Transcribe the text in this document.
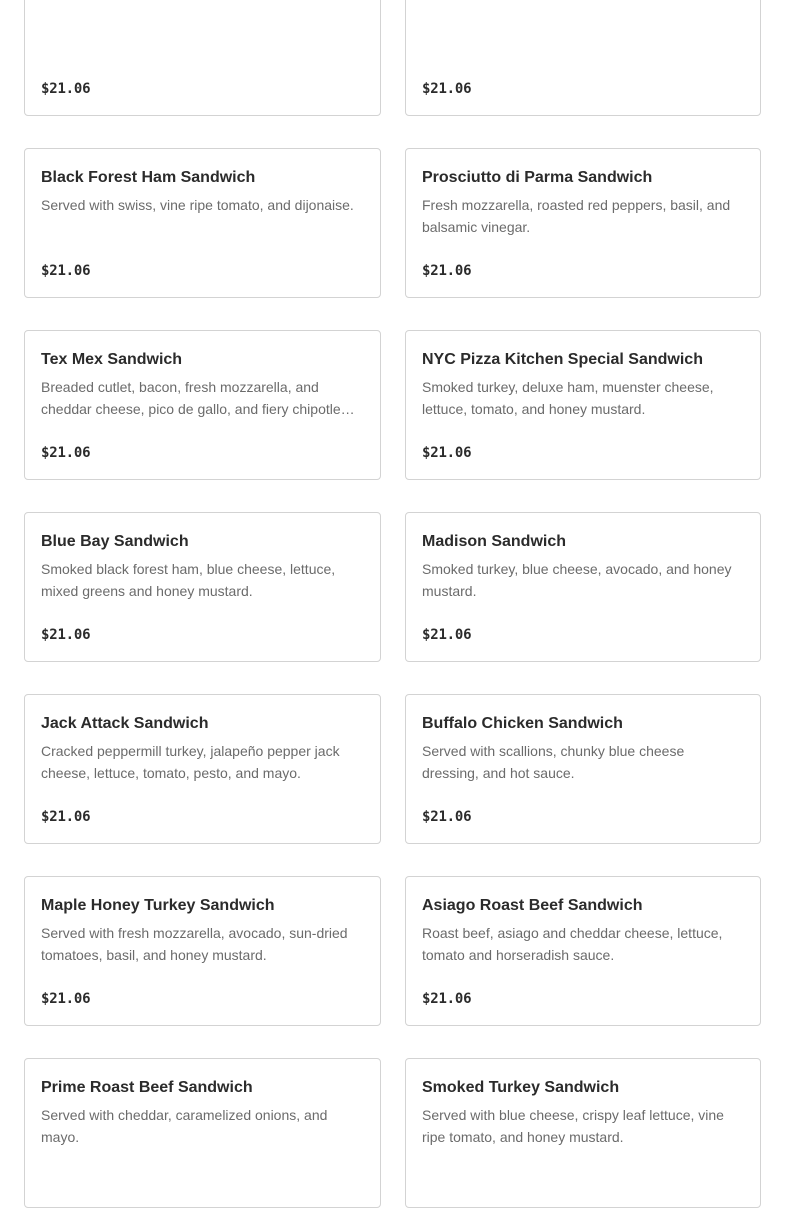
$21.06	$21.06
Black Forest Ham Sandwich
Served with swiss, vine ripe tomato, and dijonaise.
$21.06
Prosciutto di Parma Sandwich
Fresh mozzarella, roasted red peppers, basil, and balsamic vinegar.
$21.06
Tex Mex Sandwich
Breaded cutlet, bacon, fresh mozzarella, and cheddar cheese, pico de gallo, and fiery chipotle…
$21.06
NYC Pizza Kitchen Special Sandwich
Smoked turkey, deluxe ham, muenster cheese, lettuce, tomato, and honey mustard.
$21.06
Blue Bay Sandwich
Smoked black forest ham, blue cheese, lettuce, mixed greens and honey mustard.
$21.06
Madison Sandwich
Smoked turkey, blue cheese, avocado, and honey mustard.
$21.06
Jack Attack Sandwich
Cracked peppermill turkey, jalapeño pepper jack cheese, lettuce, tomato, pesto, and mayo.
$21.06
Buffalo Chicken Sandwich
Served with scallions, chunky blue cheese dressing, and hot sauce.
$21.06
Maple Honey Turkey Sandwich
Served with fresh mozzarella, avocado, sun-dried tomatoes, basil, and honey mustard.
$21.06
Asiago Roast Beef Sandwich
Roast beef, asiago and cheddar cheese, lettuce, tomato and horseradish sauce.
$21.06
Prime Roast Beef Sandwich
Served with cheddar, caramelized onions, and mayo.
Smoked Turkey Sandwich
Served with blue cheese, crispy leaf lettuce, vine ripe tomato, and honey mustard.
